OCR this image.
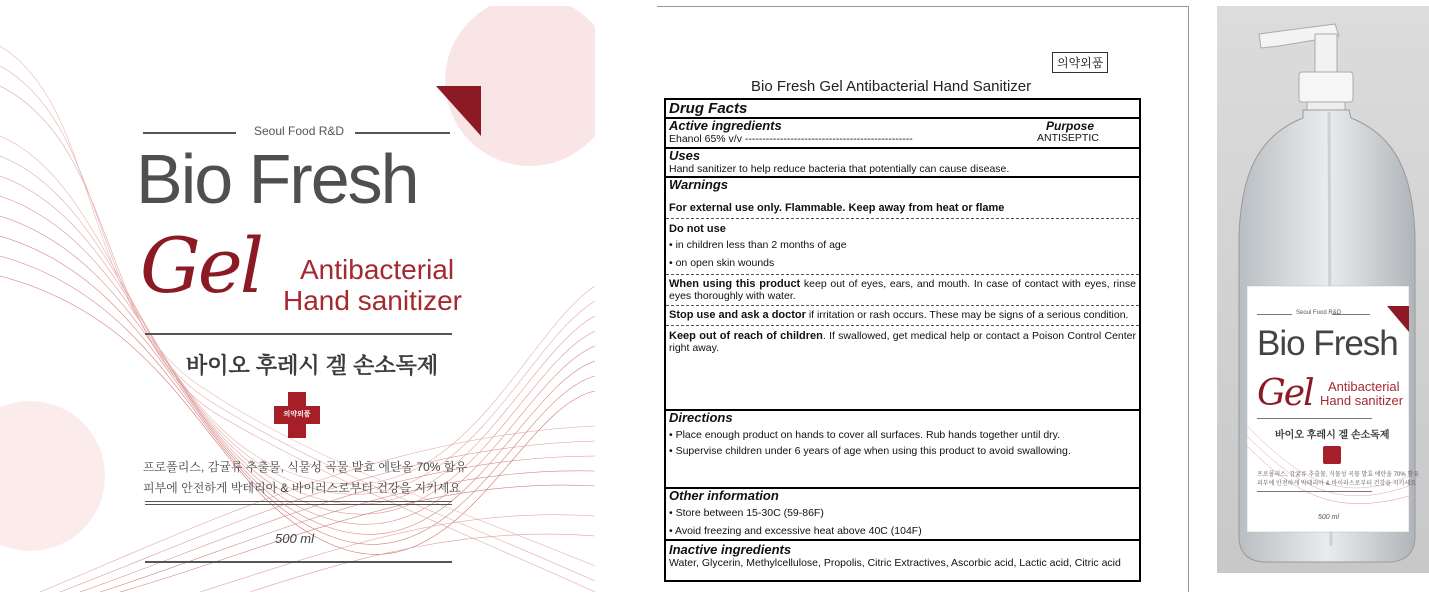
Seoul Food R&D
Bio Fresh
Gel Antibacterial
Hand sanitizer
바이오 후레시 겔 손소독제
의약외품
프로폴리스, 감귤류 추출물, 식물성 곡물 발효 에탄올 70% 함유
피부에 안전하게 박테리아 & 바이러스로부터 건강을 지키세요
500 ml
의약외품
Bio Fresh Gel Antibacterial Hand Sanitizer
Drug Facts
Active ingredients
Ehanol 65% v/v ------------------------------------------------
Purpose
ANTISEPTIC
Uses
Hand sanitizer to help reduce bacteria that potentially can cause disease.
Warnings
For external use only. Flammable. Keep away from heat or flame
Do not use
• in children less than 2 months of age
• on open skin wounds
When using this product keep out of eyes, ears, and mouth. In case of contact with eyes, rinse eyes thoroughly with water.
Stop use and ask a doctor if irritation or rash occurs. These may be signs of a serious condition.
Keep out of reach of children. If swallowed, get medical help or contact a Poison Control Center right away.
Directions
• Place enough product on hands to cover all surfaces. Rub hands together until dry.
• Supervise children under 6 years of age when using this product to avoid swallowing.
Other information
• Store between 15-30C (59-86F)
• Avoid freezing and excessive heat above 40C (104F)
Inactive ingredients
Water, Glycerin, Methylcellulose, Propolis, Citric Extractives, Ascorbic acid, Lactic acid, Citric acid
Seoul Food R&D
Bio Fresh
Gel Antibacterial
Hand sanitizer
바이오 후레시 겔 손소독제
프로폴리스, 감귤류 추출물, 식물성 곡물 발효 에탄올 70% 함유
피부에 안전하게 박테리아 & 바이러스로부터 건강을 지키세요
500 ml
